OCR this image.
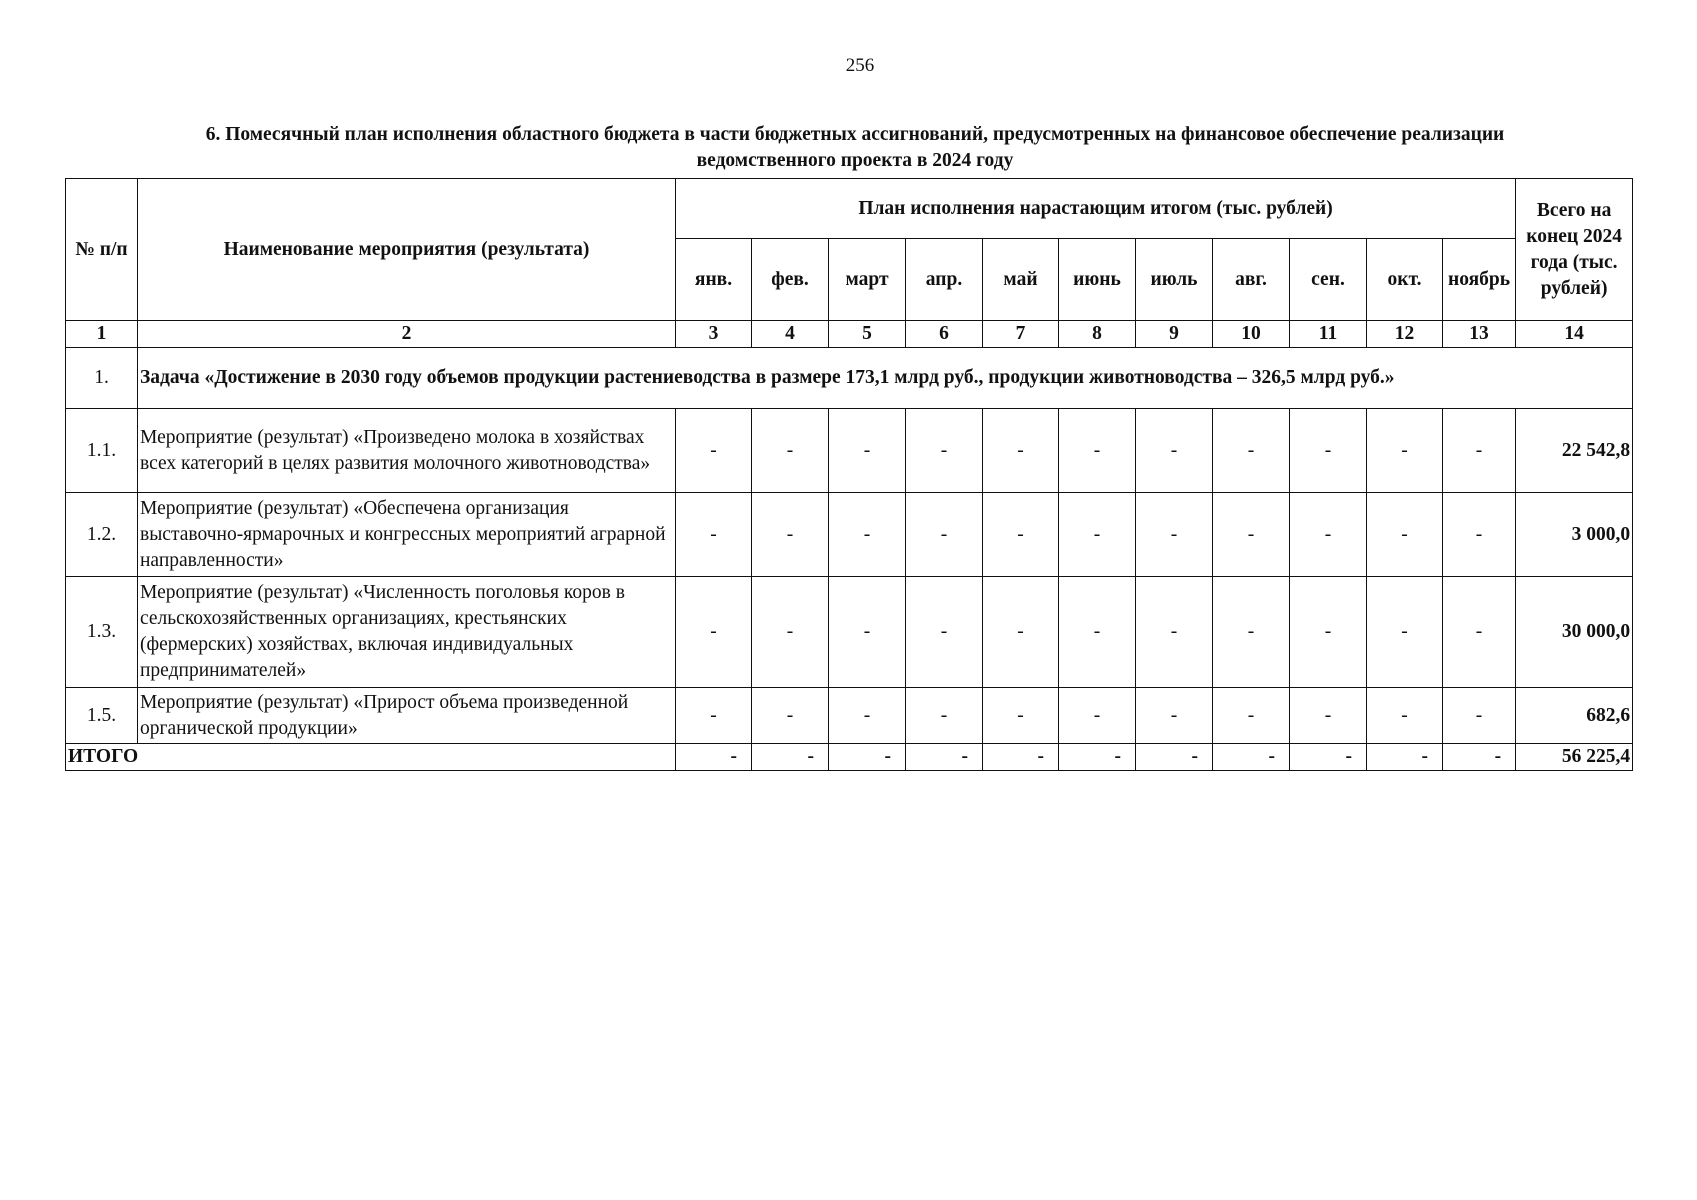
256
6. Помесячный план исполнения областного бюджета в части бюджетных ассигнований, предусмотренных на финансовое обеспечение реализации
ведомственного проекта в 2024 году
№ п/п	Наименование мероприятия (результата)	План исполнения нарастающим итогом (тыс. рублей)											Всего на конец 2024 года (тыс. рублей)
		янв.	фев.	март	апр.	май	июнь	июль	авг.	сен.	окт.	ноябрь	
1	2	3	4	5	6	7	8	9	10	11	12	13	14
1.	Задача «Достижение в 2030 году объемов продукции растениеводства в размере 173,1 млрд руб., продукции животноводства – 326,5 млрд руб.»												
1.1.	Мероприятие (результат) «Произведено молока в хозяйствах всех категорий в целях развития молочного животноводства»	-	-	-	-	-	-	-	-	-	-	-	22 542,8
1.2.	Мероприятие (результат) «Обеспечена организация выставочно-ярмарочных и конгрессных мероприятий аграрной направленности»	-	-	-	-	-	-	-	-	-	-	-	3 000,0
1.3.	Мероприятие (результат) «Численность поголовья коров в сельскохозяйственных организациях, крестьянских (фермерских) хозяйствах, включая индивидуальных предпринимателей»	-	-	-	-	-	-	-	-	-	-	-	30 000,0
1.5.	Мероприятие (результат) «Прирост объема произведенной органической продукции»	-	-	-	-	-	-	-	-	-	-	-	682,6
ИТОГО		-	-	-	-	-	-	-	-	-	-	-	56 225,4
